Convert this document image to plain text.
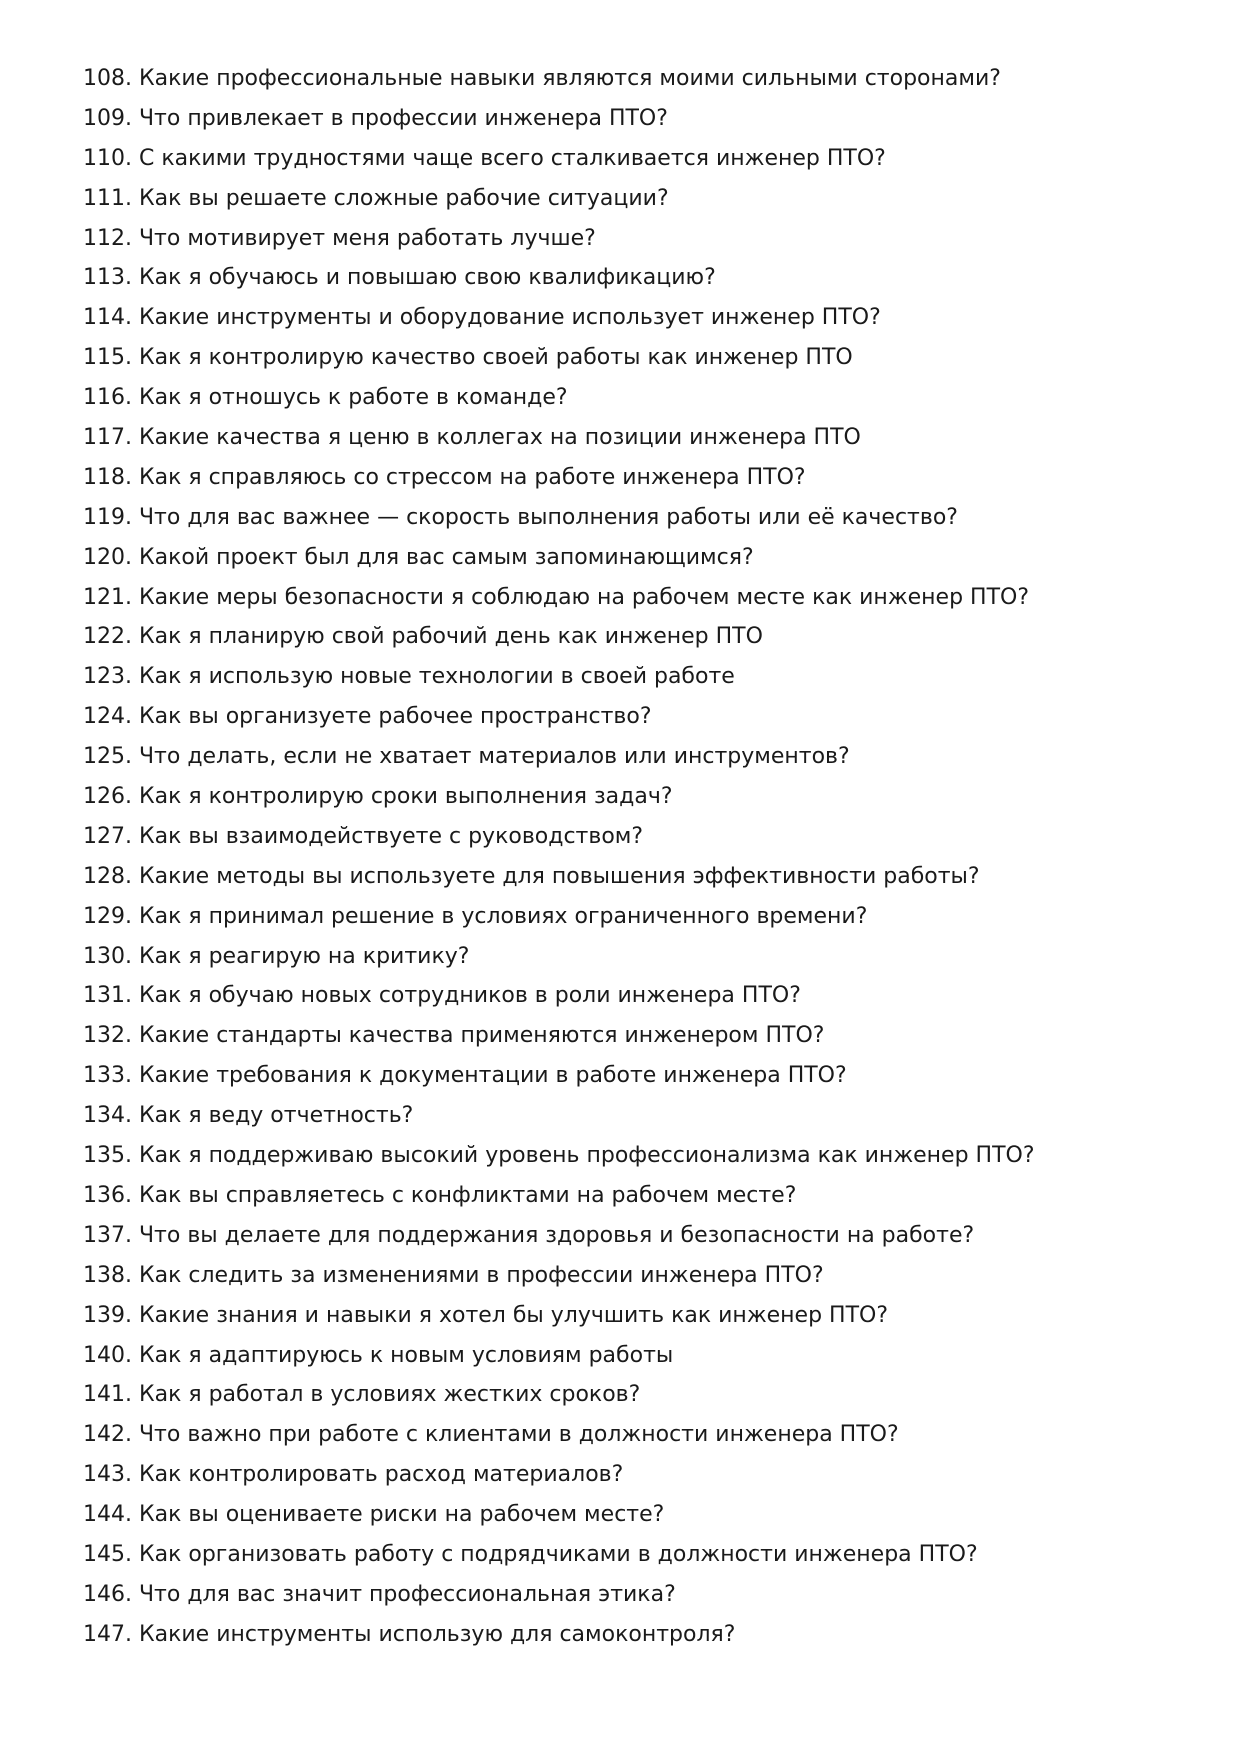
108. Какие профессиональные навыки являются моими сильными сторонами?
109. Что привлекает в профессии инженера ПТО?
110. С какими трудностями чаще всего сталкивается инженер ПТО?
111. Как вы решаете сложные рабочие ситуации?
112. Что мотивирует меня работать лучше?
113. Как я обучаюсь и повышаю свою квалификацию?
114. Какие инструменты и оборудование использует инженер ПТО?
115. Как я контролирую качество своей работы как инженер ПТО
116. Как я отношусь к работе в команде?
117. Какие качества я ценю в коллегах на позиции инженера ПТО
118. Как я справляюсь со стрессом на работе инженера ПТО?
119. Что для вас важнее — скорость выполнения работы или её качество?
120. Какой проект был для вас самым запоминающимся?
121. Какие меры безопасности я соблюдаю на рабочем месте как инженер ПТО?
122. Как я планирую свой рабочий день как инженер ПТО
123. Как я использую новые технологии в своей работе
124. Как вы организуете рабочее пространство?
125. Что делать, если не хватает материалов или инструментов?
126. Как я контролирую сроки выполнения задач?
127. Как вы взаимодействуете с руководством?
128. Какие методы вы используете для повышения эффективности работы?
129. Как я принимал решение в условиях ограниченного времени?
130. Как я реагирую на критику?
131. Как я обучаю новых сотрудников в роли инженера ПТО?
132. Какие стандарты качества применяются инженером ПТО?
133. Какие требования к документации в работе инженера ПТО?
134. Как я веду отчетность?
135. Как я поддерживаю высокий уровень профессионализма как инженер ПТО?
136. Как вы справляетесь с конфликтами на рабочем месте?
137. Что вы делаете для поддержания здоровья и безопасности на работе?
138. Как следить за изменениями в профессии инженера ПТО?
139. Какие знания и навыки я хотел бы улучшить как инженер ПТО?
140. Как я адаптируюсь к новым условиям работы
141. Как я работал в условиях жестких сроков?
142. Что важно при работе с клиентами в должности инженера ПТО?
143. Как контролировать расход материалов?
144. Как вы оцениваете риски на рабочем месте?
145. Как организовать работу с подрядчиками в должности инженера ПТО?
146. Что для вас значит профессиональная этика?
147. Какие инструменты использую для самоконтроля?
